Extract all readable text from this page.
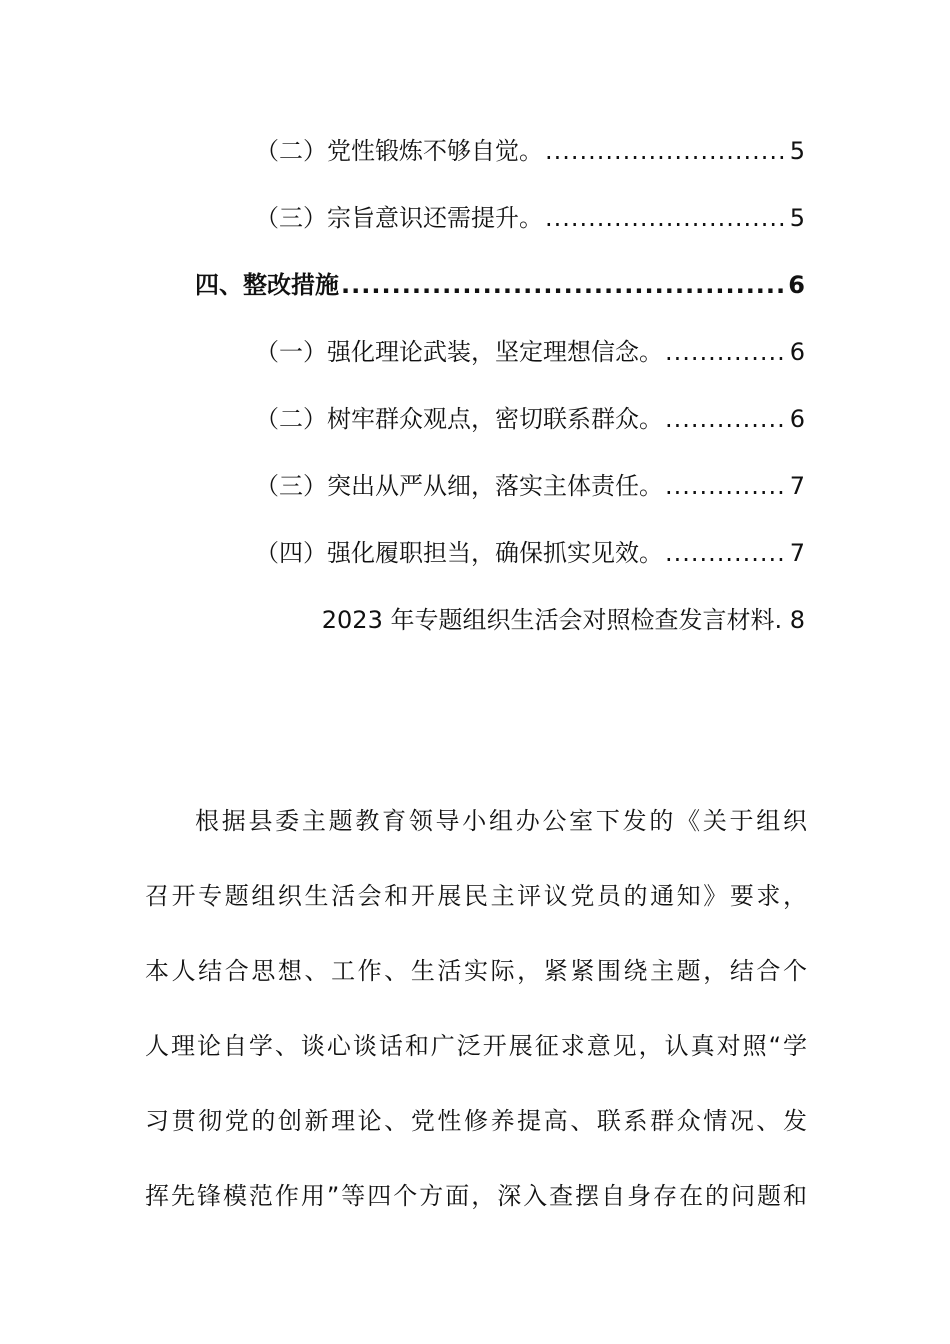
（二）党性锻炼不够自觉。 .....	5
（三）宗旨意识还需提升。 .....	5
四、整改措施 .....	6
（一）强化理论武装，坚定理想信念。 .....	6
（二）树牢群众观点，密切联系群众。 .....	6
（三）突出从严从细，落实主体责任。 .....	7
（四）强化履职担当，确保抓实见效。 .....	7
2023 年专题组织生活会对照检查发言材料. 8
根据县委主题教育领导小组办公室下发的《关于组织
召开专题组织生活会和开展民主评议党员的通知》要求，
本人结合思想、工作、生活实际，紧紧围绕主题，结合个
人理论自学、谈心谈话和广泛开展征求意见，认真对照“学
习贯彻党的创新理论、党性修养提高、联系群众情况、发
挥先锋模范作用”等四个方面，深入查摆自身存在的问题和
